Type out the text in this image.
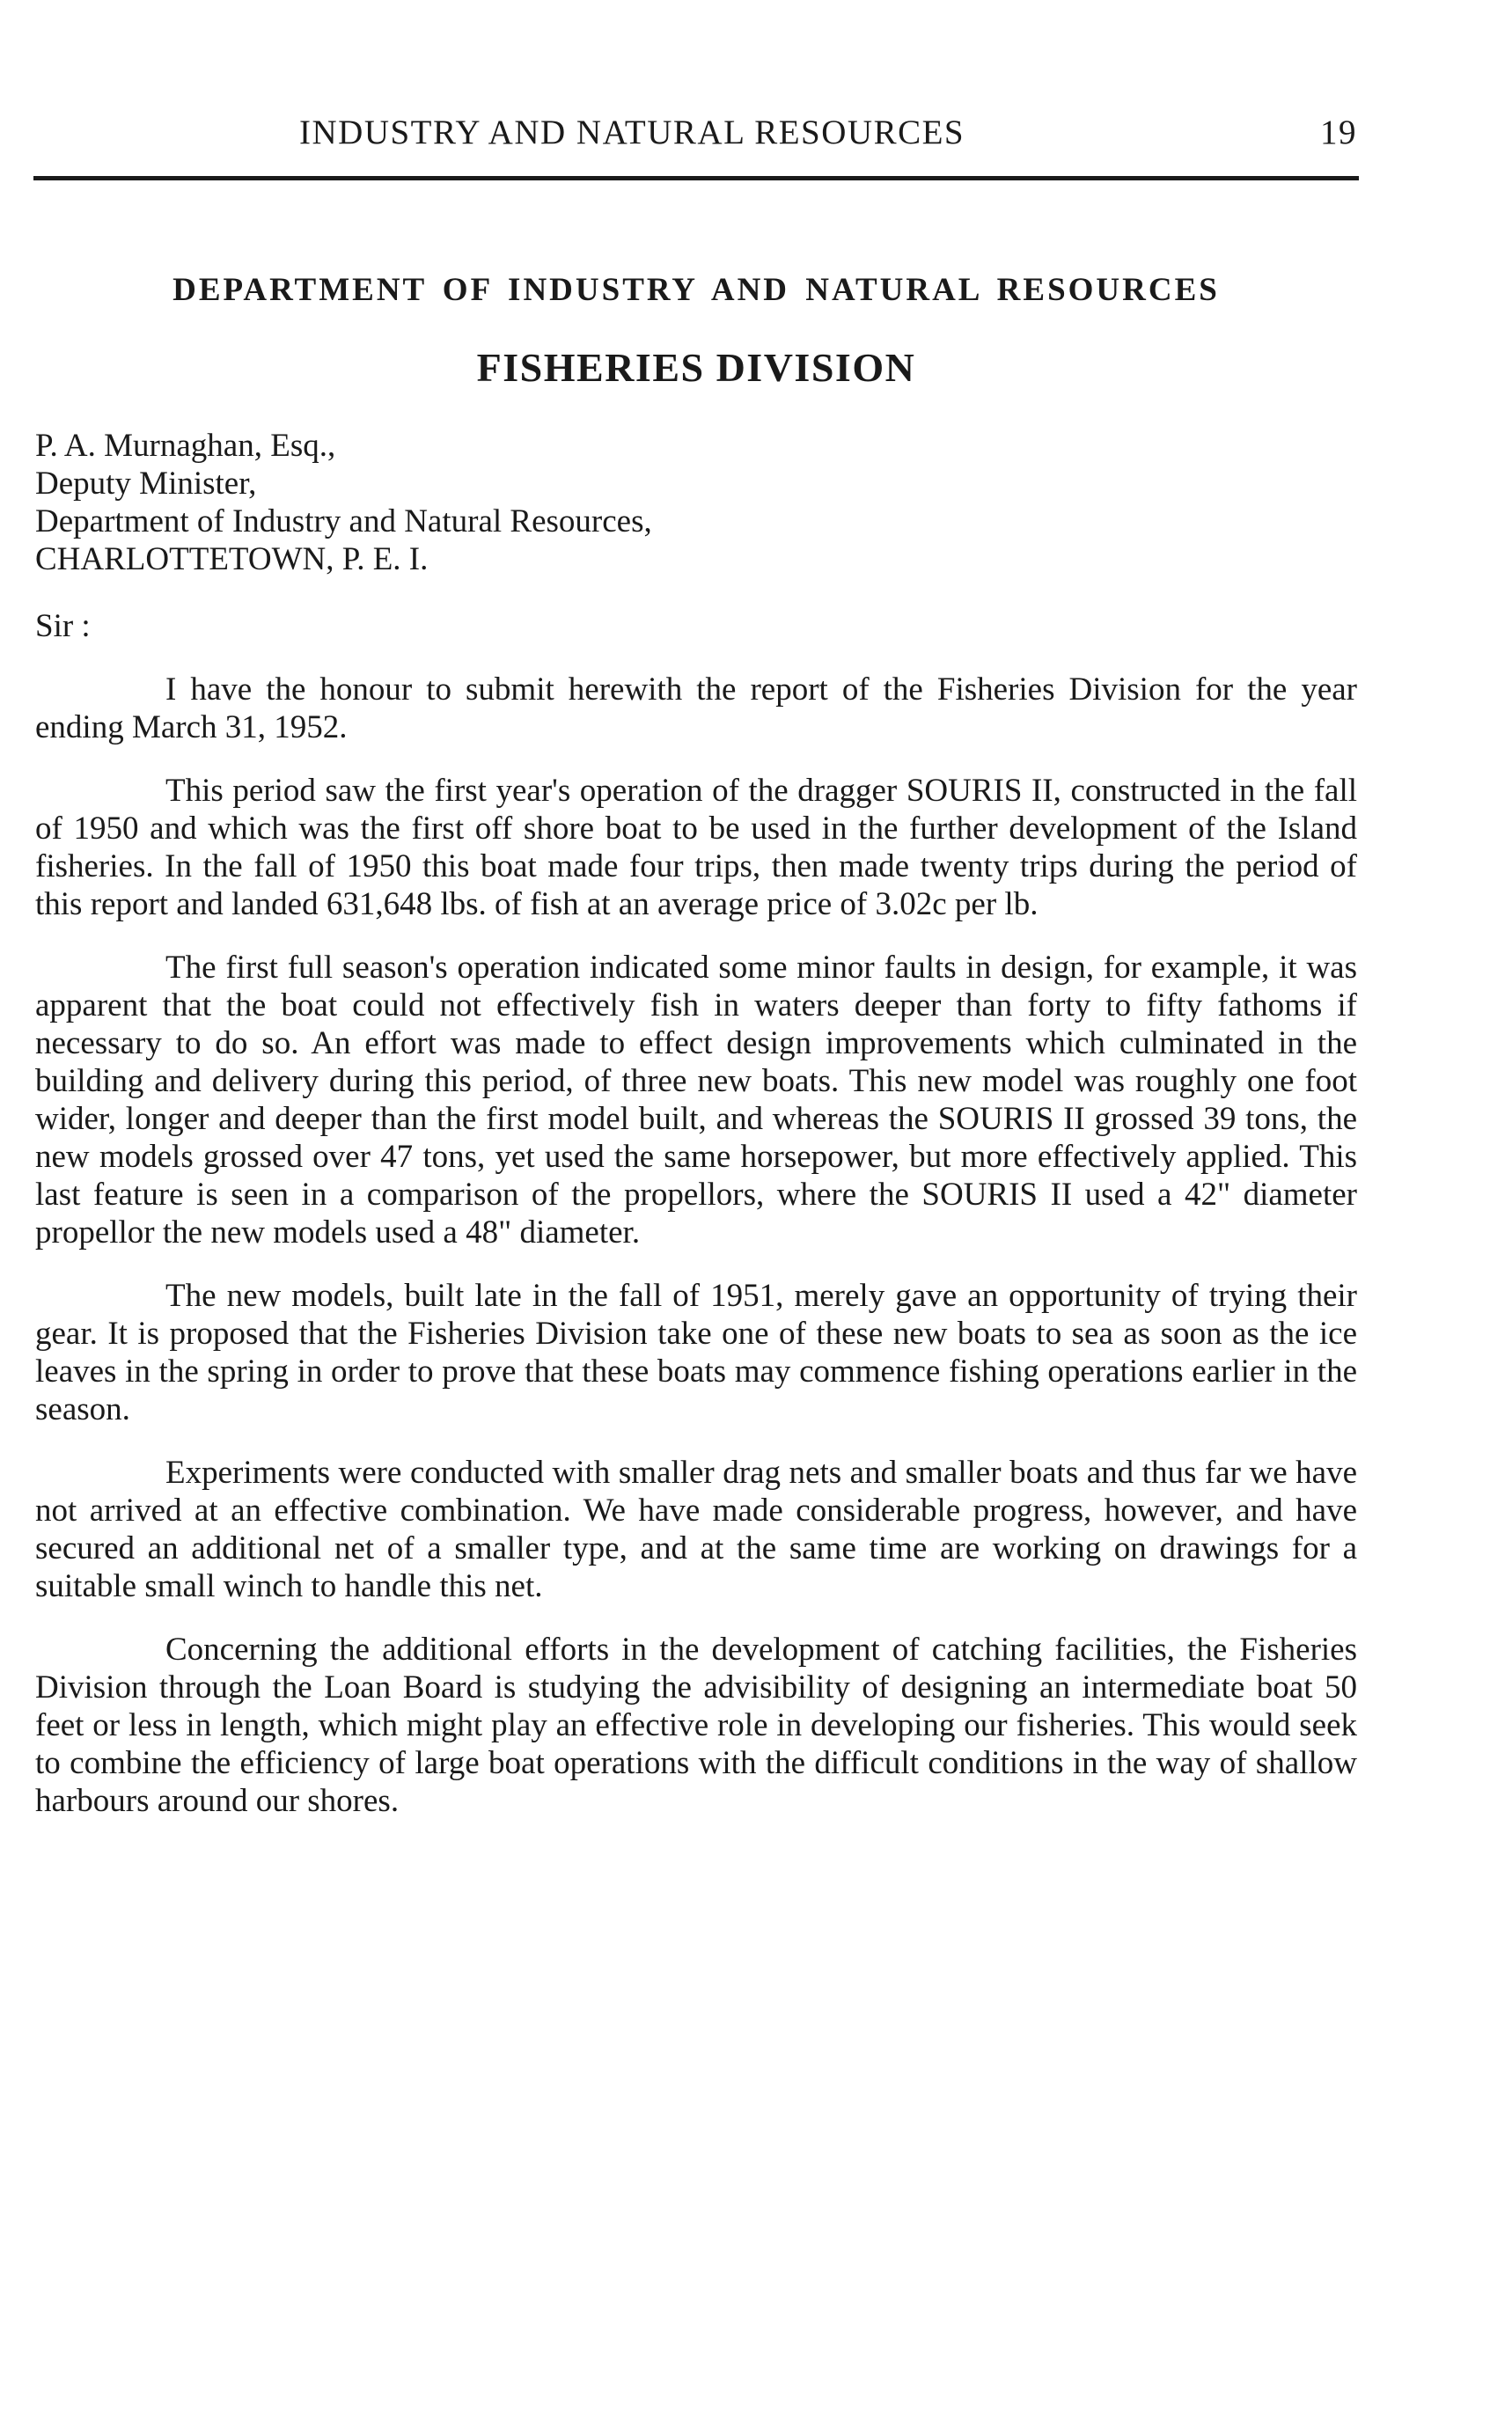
INDUSTRY AND NATURAL RESOURCES	19
DEPARTMENT OF INDUSTRY AND NATURAL RESOURCES
FISHERIES DIVISION
P. A. Murnaghan, Esq.,
Deputy Minister,
Department of Industry and Natural Resources,
CHARLOTTETOWN, P. E. I.
Sir :

I have the honour to submit herewith the report of the Fisheries Division for the year ending March 31, 1952.

This period saw the first year's operation of the dragger SOURIS II, constructed in the fall of 1950 and which was the first off shore boat to be used in the further development of the Island fisheries. In the fall of 1950 this boat made four trips, then made twenty trips during the period of this report and landed 631,648 lbs. of fish at an average price of 3.02c per lb.

The first full season's operation indicated some minor faults in design, for example, it was apparent that the boat could not effectively fish in waters deeper than forty to fifty fathoms if necessary to do so. An effort was made to effect design improvements which culminated in the building and delivery during this period, of three new boats. This new model was roughly one foot wider, longer and deeper than the first model built, and whereas the SOURIS II grossed 39 tons, the new models grossed over 47 tons, yet used the same horsepower, but more effectively applied. This last feature is seen in a comparison of the propellors, where the SOURIS II used a 42" diameter propellor the new models used a 48" diameter.

The new models, built late in the fall of 1951, merely gave an opportunity of trying their gear. It is proposed that the Fisheries Division take one of these new boats to sea as soon as the ice leaves in the spring in order to prove that these boats may commence fishing operations earlier in the season.

Experiments were conducted with smaller drag nets and smaller boats and thus far we have not arrived at an effective combination. We have made considerable progress, however, and have secured an additional net of a smaller type, and at the same time are working on drawings for a suitable small winch to handle this net.

Concerning the additional efforts in the development of catching facilities, the Fisheries Division through the Loan Board is studying the advisibility of designing an intermediate boat 50 feet or less in length, which might play an effective role in developing our fisheries. This would seek to combine the efficiency of large boat operations with the difficult conditions in the way of shallow harbours around our shores.
